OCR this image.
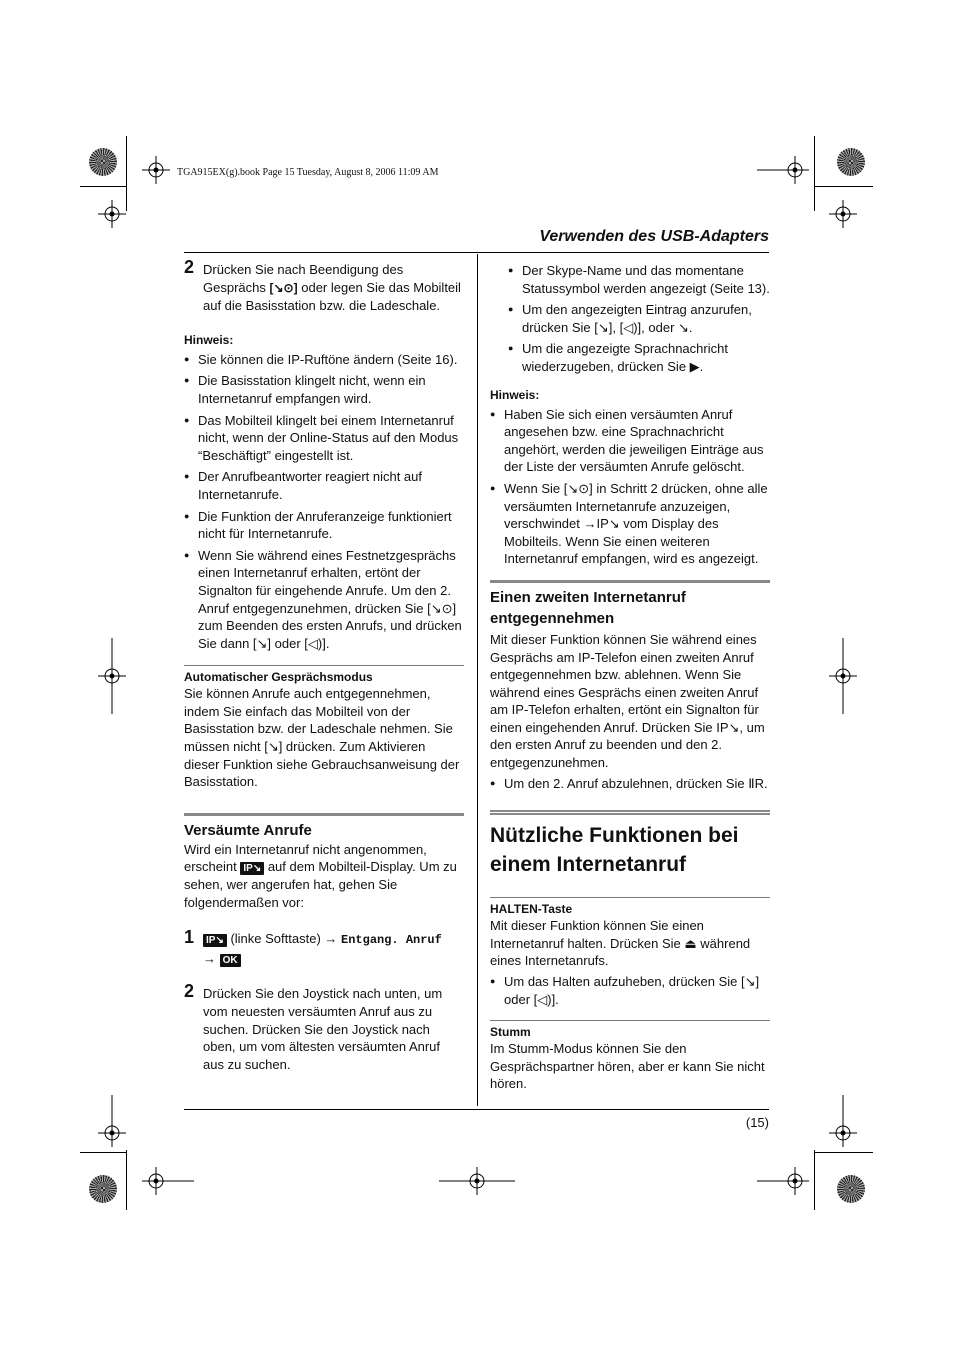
TGA915EX(g).book Page 15 Tuesday, August 8, 2006 11:09 AM
Verwenden des USB-Adapters
(15)
2 Drücken Sie nach Beendigung des Gesprächs [↘⊙] oder legen Sie das Mobilteil auf die Basisstation bzw. die Ladeschale.
Hinweis:
● Sie können die IP-Ruftöne ändern (Seite 16).
● Die Basisstation klingelt nicht, wenn ein Internetanruf empfangen wird.
● Das Mobilteil klingelt bei einem Internetanruf nicht, wenn der Online-Status auf den Modus “Beschäftigt” eingestellt ist.
● Der Anrufbeantworter reagiert nicht auf Internetanrufe.
● Die Funktion der Anruferanzeige funktioniert nicht für Internetanrufe.
● Wenn Sie während eines Festnetzgesprächs einen Internetanruf erhalten, ertönt der Signalton für eingehende Anrufe. Um den 2. Anruf entgegenzunehmen, drücken Sie [↘⊙] zum Beenden des ersten Anrufs, und drücken Sie dann [↘] oder [◁)].
Automatischer Gesprächsmodus
Sie können Anrufe auch entgegennehmen, indem Sie einfach das Mobilteil von der Basisstation bzw. der Ladeschale nehmen. Sie müssen nicht [↘] drücken. Zum Aktivieren dieser Funktion siehe Gebrauchsanweisung der Basisstation.
Versäumte Anrufe
Wird ein Internetanruf nicht angenommen, erscheint IP↘ auf dem Mobilteil-Display. Um zu sehen, wer angerufen hat, gehen Sie folgendermaßen vor:
1	IP↘ (linke Softtaste) → Entgang. Anruf
→ OK
2 Drücken Sie den Joystick nach unten, um vom neuesten versäumten Anruf aus zu suchen. Drücken Sie den Joystick nach oben, um vom ältesten versäumten Anruf aus zu suchen.
● Der Skype-Name und das momentane Statussymbol werden angezeigt (Seite 13).
● Um den angezeigten Eintrag anzurufen, drücken Sie [↘], [◁)], oder ↘.
● Um die angezeigte Sprachnachricht wiederzugeben, drücken Sie ▶.
Hinweis:
● Haben Sie sich einen versäumten Anruf angesehen bzw. eine Sprachnachricht angehört, werden die jeweiligen Einträge aus der Liste der versäumten Anrufe gelöscht.
● Wenn Sie [↘⊙] in Schritt 2 drücken, ohne alle versäumten Internetanrufe anzuzeigen, verschwindet →IP↘ vom Display des Mobilteils. Wenn Sie einen weiteren Internetanruf empfangen, wird es angezeigt.
Einen zweiten Internetanruf entgegennehmen
Mit dieser Funktion können Sie während eines Gesprächs am IP-Telefon einen zweiten Anruf entgegennehmen bzw. ablehnen. Wenn Sie während eines Gesprächs einen zweiten Anruf am IP-Telefon erhalten, ertönt ein Signalton für einen eingehenden Anruf. Drücken Sie IP↘, um den ersten Anruf zu beenden und den 2. entgegenzunehmen.
● Um den 2. Anruf abzulehnen, drücken Sie ⅡR.
Nützliche Funktionen bei einem Internetanruf
HALTEN-Taste
Mit dieser Funktion können Sie einen Internetanruf halten. Drücken Sie ⏏ während eines Internetanrufs.
● Um das Halten aufzuheben, drücken Sie [↘] oder [◁)].
Stumm
Im Stumm-Modus können Sie den Gesprächspartner hören, aber er kann Sie nicht hören.
